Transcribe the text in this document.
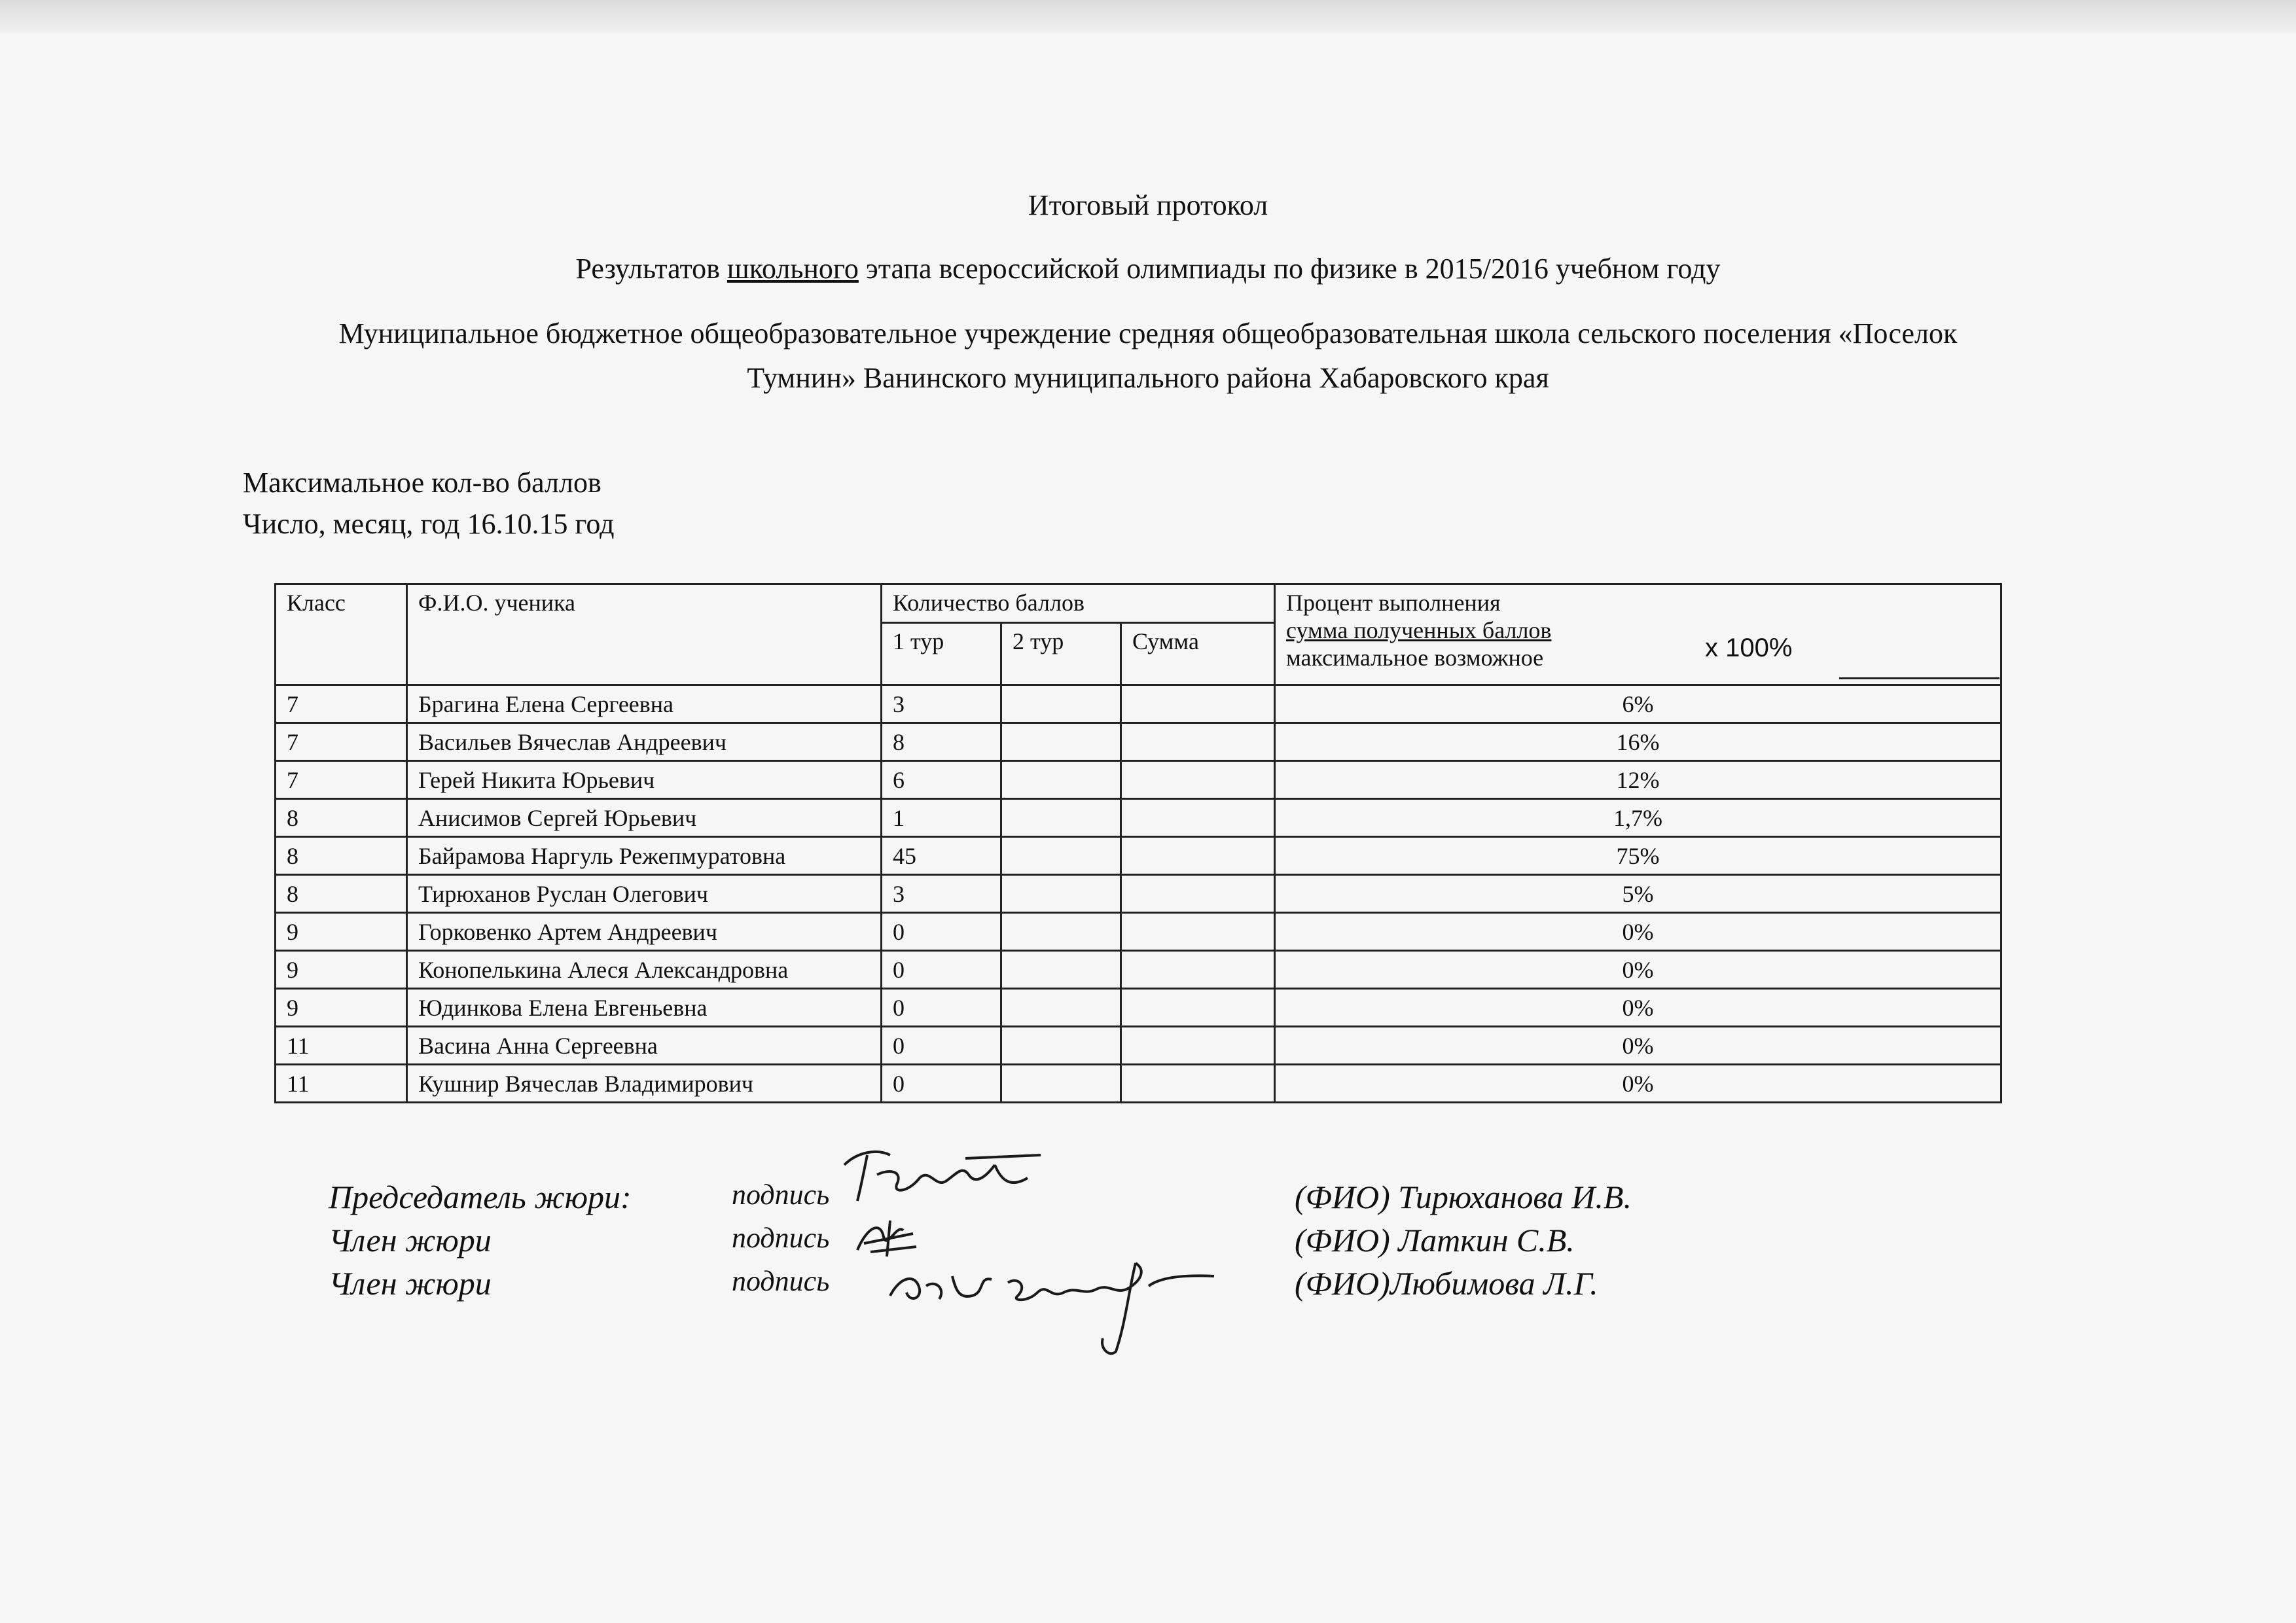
Итоговый протокол
Результатов школьного этапа всероссийской олимпиады по физике в 2015/2016 учебном году
Муниципальное бюджетное общеобразовательное учреждение средняя общеобразовательная школа сельского поселения «Поселок
Тумнин» Ванинского муниципального района Хабаровского края
Максимальное кол-во баллов
Число, месяц, год 16.10.15 год
Класс	Ф.И.О. ученика	Количество баллов			Процент выполнения
сумма полученных баллов
максимальное возможное

		1 тур	2 тур	Сумма	
7	Брагина Елена Сергеевна	3			6%
7	Васильев Вячеслав Андреевич	8			16%
7	Герей Никита Юрьевич	6			12%
8	Анисимов Сергей Юрьевич	1			1,7%
8	Байрамова Наргуль Режепмуратовна	45			75%
8	Тирюханов Руслан Олегович	3			5%
9	Горковенко Артем Андреевич	0			0%
9	Конопелькина Алеся Александровна	0			0%
9	Юдинкова Елена Евгеньевна	0			0%
11	Васина Анна Сергеевна	0			0%
11	Кушнир Вячеслав Владимирович	0			0%
x 100%
Председатель жюри:	подпись	(ФИО) Тирюханова И.В.
Член жюри	подпись	(ФИО) Латкин С.В.
Член жюри	подпись	(ФИО)Любимова Л.Г.
